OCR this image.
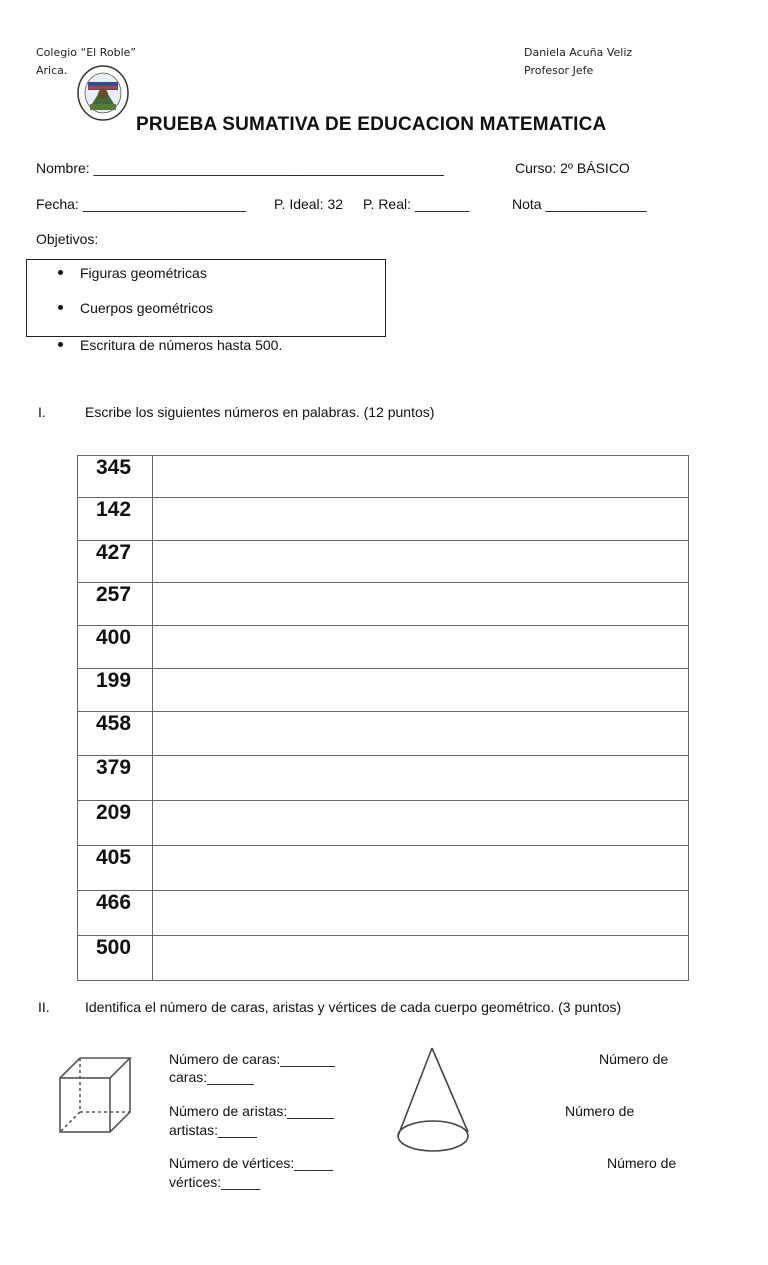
Colegio “El Roble”
Arica.
Daniela Acuña Veliz
Profesor Jefe
PRUEBA SUMATIVA DE EDUCACION MATEMATICA
Nombre: _____________________________________________	Curso: 2º BÁSICO
Fecha: _____________________ P. Ideal: 32 P. Real: _______	Nota _____________
Objetivos:
Figuras geométricas
Cuerpos geométricos
Escritura de números hasta 500.
I.	Escribe los siguientes números en palabras. (12 puntos)
345	
142	
427	
257	
400	
199	
458	
379	
209	
405	
466	
500	
II.	Identifica el número de caras, aristas y vértices de cada cuerpo geométrico. (3 puntos)
Número de caras:_______
caras:______
Número de aristas:______
artistas:_____
Número de vértices:_____
vértices:_____
Número de
Número de
Número de
